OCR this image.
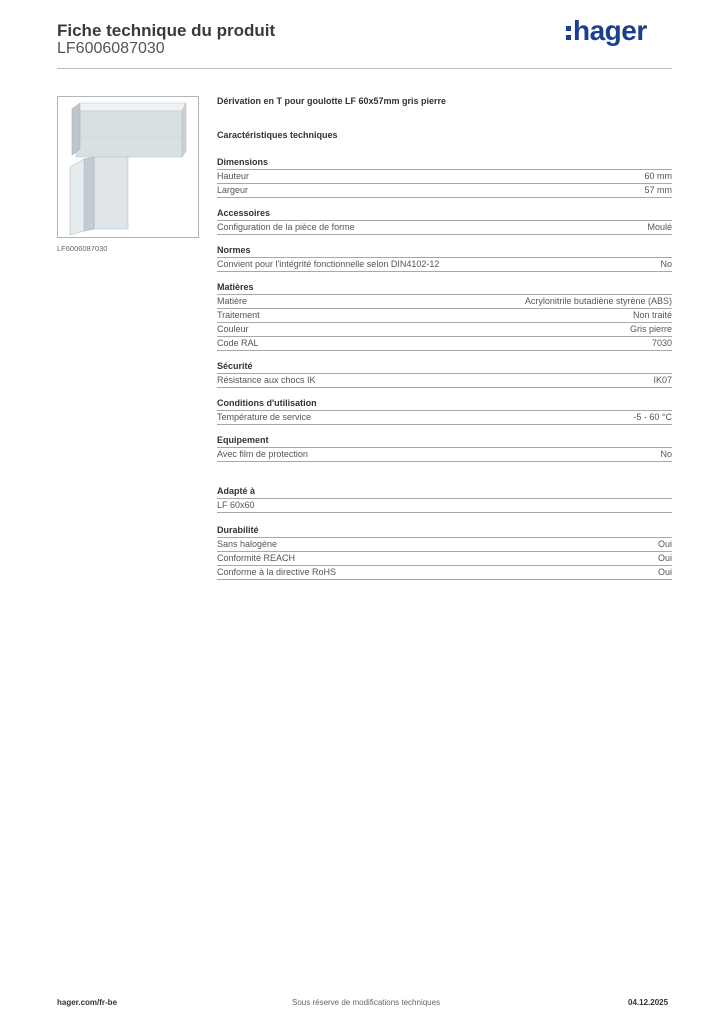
Fiche technique du produit
LF6006087030
hager
LF6006087030
Dérivation en T pour goulotte LF 60x57mm gris pierre
Caractéristiques techniques
Dimensions
Hauteur	60 mm
Largeur	57 mm
Accessoires
Configuration de la pièce de forme	Moulé
Normes
Convient pour l'intégrité fonctionnelle selon DIN4102-12	No
Matières
Matière	Acrylonitrile butadiène styrène (ABS)
Traitement	Non traité
Couleur	Gris pierre
Code RAL	7030
Sécurité
Résistance aux chocs IK	IK07
Conditions d'utilisation
Température de service	-5 - 60 °C
Equipement
Avec film de protection	No
Adapté à
LF 60x60
Durabilité
Sans halogène	Oui
Conformité REACH	Oui
Conforme à la directive RoHS	Oui
hager.com/fr-be	Sous réserve de modifications techniques	04.12.2025
